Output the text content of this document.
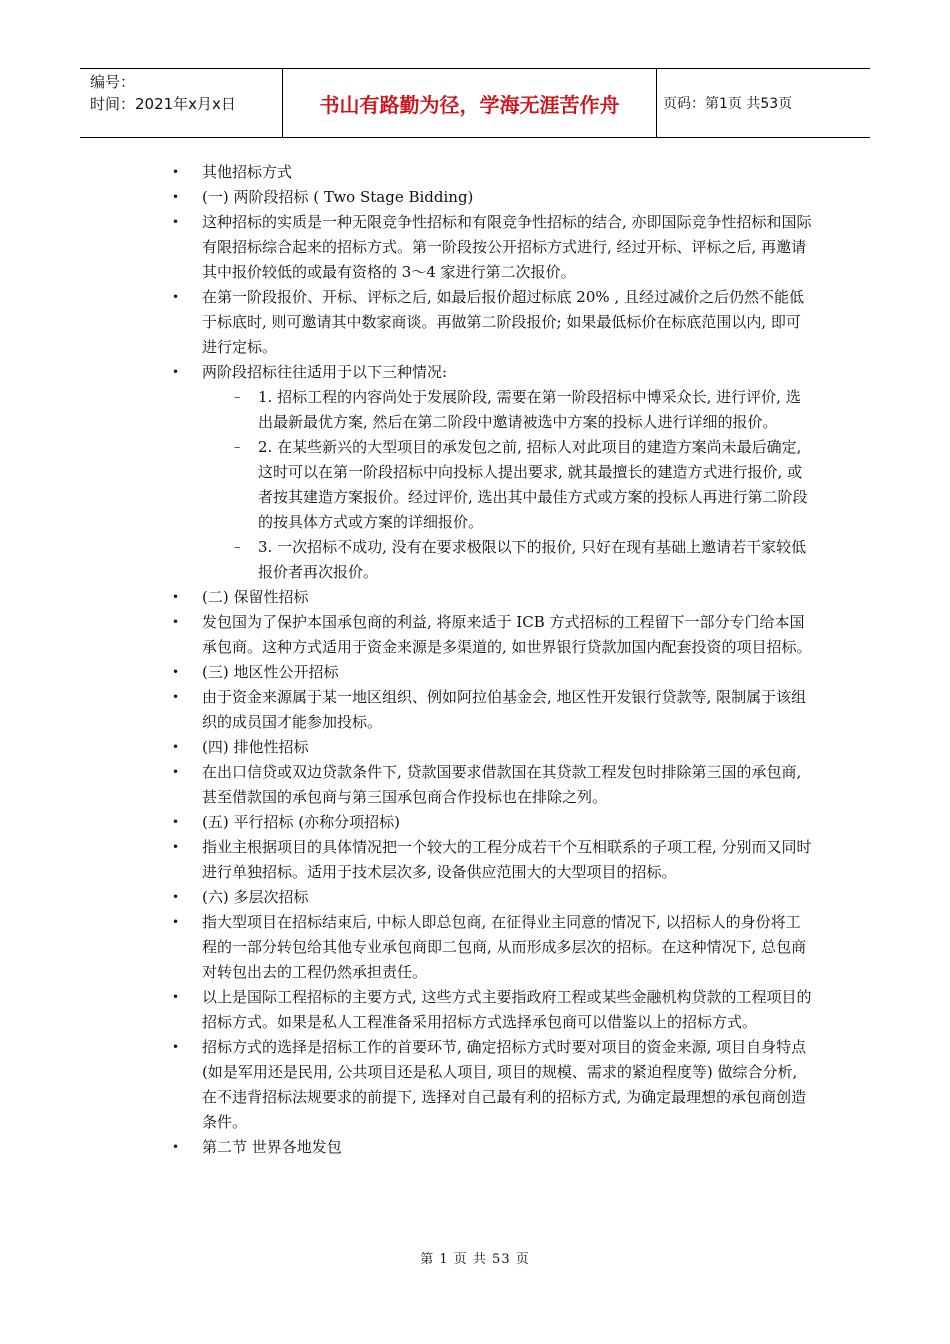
编号：
时间：2021年x月x日	书山有路勤为径，学海无涯苦作舟	页码：第1页 共53页
•	其他招标方式
•	(一) 两阶段招标 ( Two Stage Bidding)
•	这种招标的实质是一种无限竞争性招标和有限竞争性招标的结合, 亦即国际竞争性招标和国际有限招标综合起来的招标方式。第一阶段按公开招标方式进行, 经过开标、评标之后, 再邀请其中报价较低的或最有资格的 3～4 家进行第二次报价。
•	在第一阶段报价、开标、评标之后, 如最后报价超过标底 20% , 且经过减价之后仍然不能低于标底时, 则可邀请其中数家商谈。再做第二阶段报价; 如果最低标价在标底范围以内, 即可进行定标。
•	两阶段招标往往适用于以下三种情况:
– 1. 招标工程的内容尚处于发展阶段, 需要在第一阶段招标中博采众长, 进行评价, 选出最新最优方案, 然后在第二阶段中邀请被选中方案的投标人进行详细的报价。
– 2. 在某些新兴的大型项目的承发包之前, 招标人对此项目的建造方案尚未最后确定, 这时可以在第一阶段招标中向投标人提出要求, 就其最擅长的建造方式进行报价, 或者按其建造方案报价。经过评价, 选出其中最佳方式或方案的投标人再进行第二阶段的按具体方式或方案的详细报价。
– 3. 一次招标不成功, 没有在要求极限以下的报价, 只好在现有基础上邀请若干家较低报价者再次报价。
•	(二) 保留性招标
•	发包国为了保护本国承包商的利益, 将原来适于 ICB 方式招标的工程留下一部分专门给本国承包商。这种方式适用于资金来源是多渠道的, 如世界银行贷款加国内配套投资的项目招标。
•	(三) 地区性公开招标
•	由于资金来源属于某一地区组织、例如阿拉伯基金会, 地区性开发银行贷款等, 限制属于该组织的成员国才能参加投标。
•	(四) 排他性招标
•	在出口信贷或双边贷款条件下, 贷款国要求借款国在其贷款工程发包时排除第三国的承包商, 甚至借款国的承包商与第三国承包商合作投标也在排除之列。
•	(五) 平行招标 (亦称分项招标)
•	指业主根据项目的具体情况把一个较大的工程分成若干个互相联系的子项工程, 分别而又同时进行单独招标。适用于技术层次多, 设备供应范围大的大型项目的招标。
•	(六) 多层次招标
•	指大型项目在招标结束后, 中标人即总包商, 在征得业主同意的情况下, 以招标人的身份将工程的一部分转包给其他专业承包商即二包商, 从而形成多层次的招标。在这种情况下, 总包商对转包出去的工程仍然承担责任。
•	以上是国际工程招标的主要方式, 这些方式主要指政府工程或某些金融机构贷款的工程项目的招标方式。如果是私人工程准备采用招标方式选择承包商可以借鉴以上的招标方式。
•	招标方式的选择是招标工作的首要环节, 确定招标方式时要对项目的资金来源, 项目自身特点 (如是军用还是民用, 公共项目还是私人项目, 项目的规模、需求的紧迫程度等) 做综合分析, 在不违背招标法规要求的前提下, 选择对自己最有利的招标方式, 为确定最理想的承包商创造条件。
•	第二节 世界各地发包
第 1 页 共 53 页
